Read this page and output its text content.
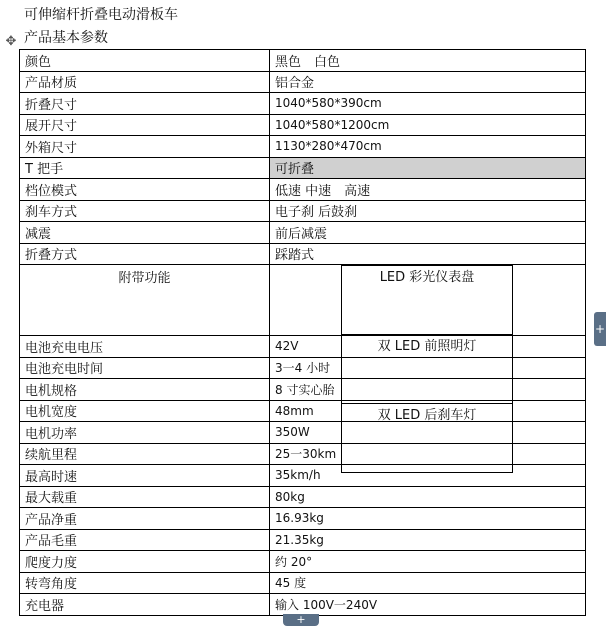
可伸缩杆折叠电动滑板车
✥ 产品基本参数
颜色	黑色　白色
产品材质	铝合金
折叠尺寸	1040*580*390cm
展开尺寸	1040*580*1200cm
外箱尺寸	1130*280*470cm
T 把手	可折叠
档位模式	低速 中速　高速
刹车方式	电子刹 后鼓刹
减震	前后减震
折叠方式	踩踏式
附带功能		LED 彩光仪表盘
双 LED 前照明灯
双 LED 后刹车灯

电池充电电压	42V
电池充电时间	3一4 小时
电机规格	8 寸实心胎
电机宽度	48mm
电机功率	350W
续航里程	25一30km
最高时速	35km/h
最大载重	80kg
产品净重	16.93kg
产品毛重	21.35kg
爬度力度	约 20°
转弯角度	45 度
充电器	输入 100V一240V
+
+
